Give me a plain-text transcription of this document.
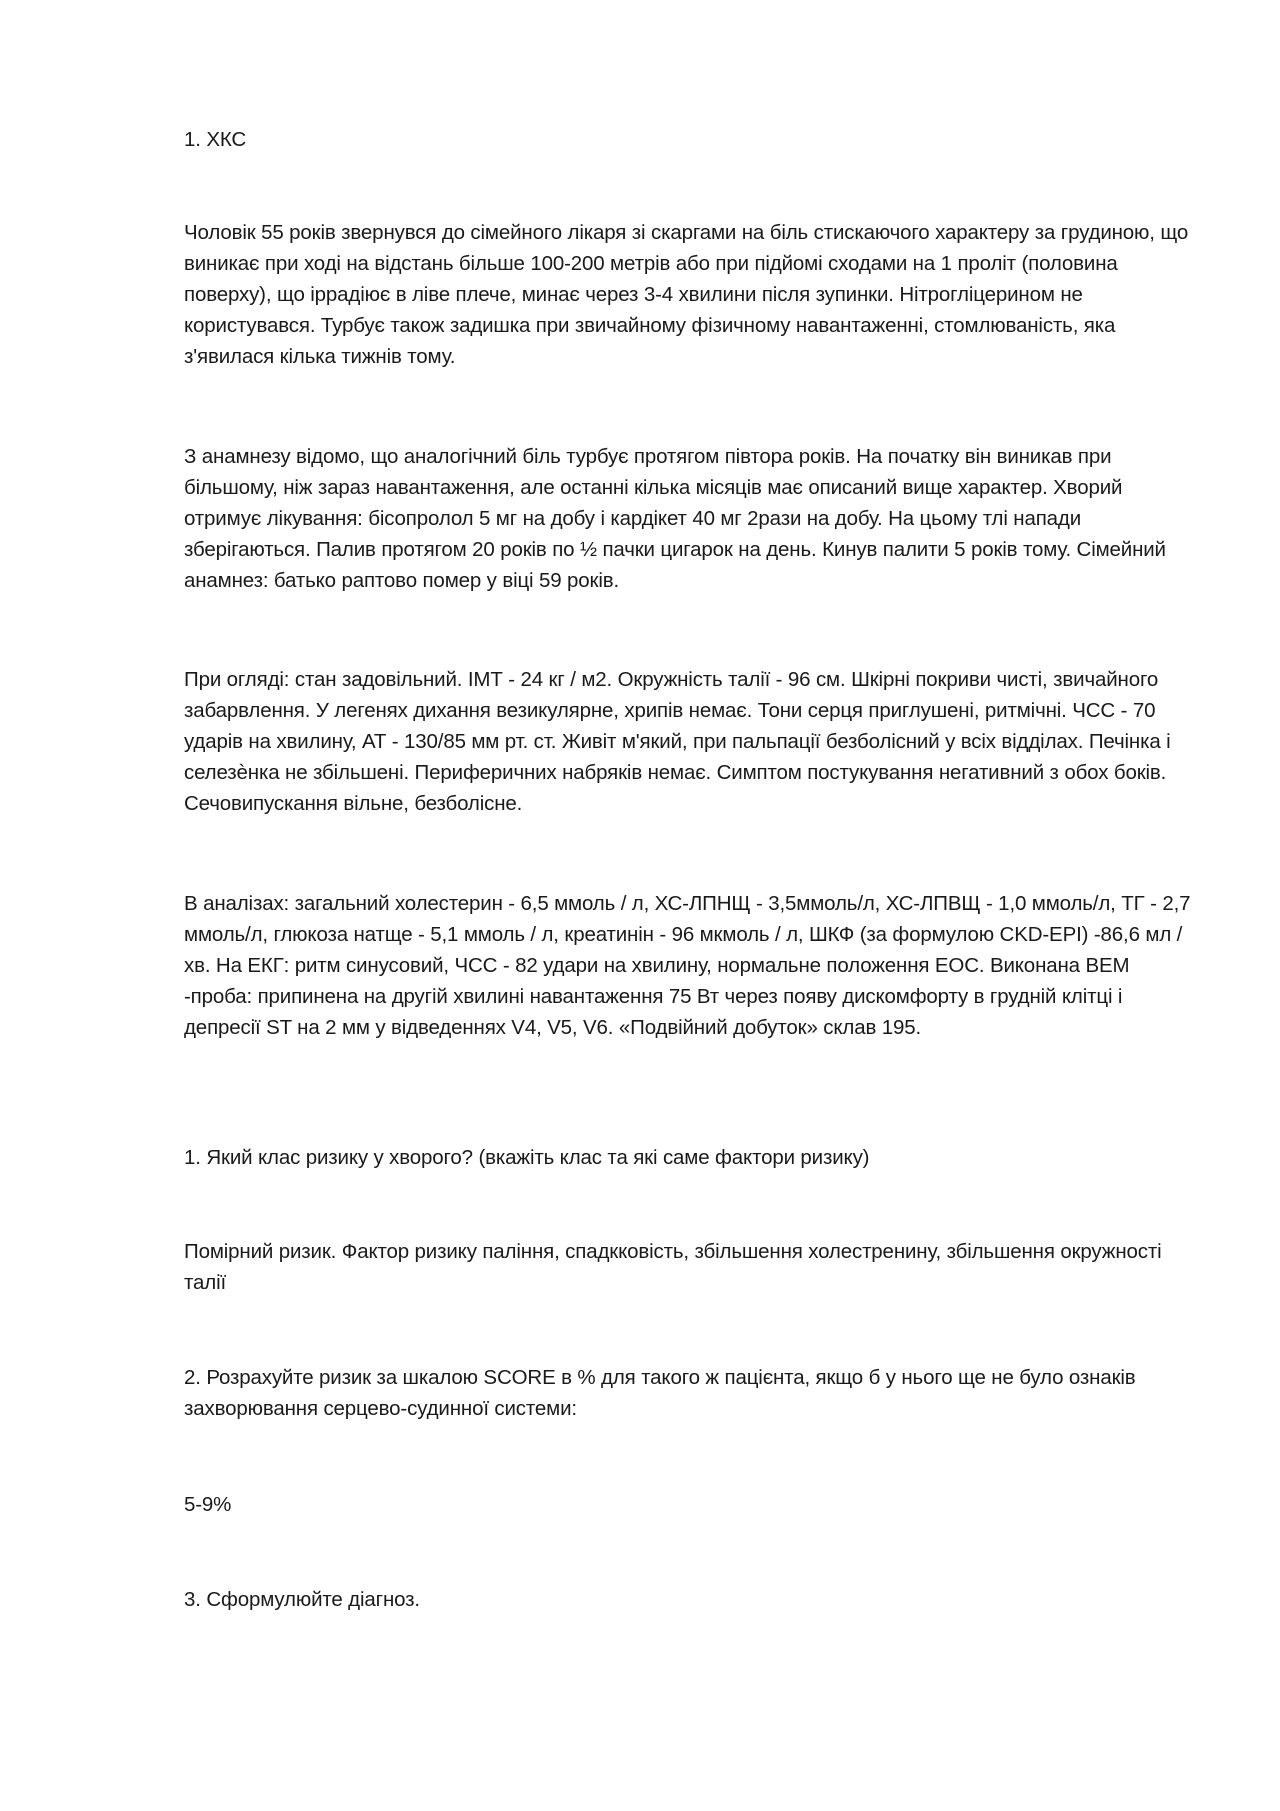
1. ХКС

Чоловік 55 років звернувся до сімейного лікаря зі скаргами на біль стискаючого характеру за грудиною, що виникає при ході на відстань більше 100-200 метрів або при підйомі сходами на 1 проліт (половина поверху), що іррадіює в ліве плече, минає через 3-4 хвилини після зупинки. Нітрогліцерином не користувався. Турбує також задишка при звичайному фізичному навантаженні, стомлюваність, яка з'явилася кілька тижнів тому.

З анамнезу відомо, що аналогічний біль турбує протягом півтора років. На початку він виникав при більшому, ніж зараз навантаження, але останні кілька місяців має описаний вище характер. Хворий отримує лікування: бісопролол 5 мг на добу і кардікет 40 мг 2рази на добу. На цьому тлі напади зберігаються. Палив протягом 20 років по ½ пачки цигарок на день. Кинув палити 5 років тому. Сімейний анамнез: батько раптово помер у віці 59 років.

При огляді: стан задовільний. ІМТ - 24 кг / м2. Окружність талії - 96 см. Шкірні покриви чисті, звичайного забарвлення. У легенях дихання везикулярне, хрипів немає. Тони серця приглушені, ритмічні. ЧСС - 70 ударів на хвилину, АТ - 130/85 мм рт. ст. Живіт м'який, при пальпації безболісний у всіх відділах. Печінка і селезѐнка не збільшені. Периферичних набряків немає. Симптом постукування негативний з обох боків. Сечовипускання вільне, безболісне.

В аналізах: загальний холестерин - 6,5 ммоль / л, ХС-ЛПНЩ - 3,5ммоль/л, ХС-ЛПВЩ - 1,0 ммоль/л, ТГ - 2,7 ммоль/л, глюкоза натще - 5,1 ммоль / л, креатинін - 96 мкмоль / л, ШКФ (за формулою CKD-EPI) -86,6 мл / хв. На ЕКГ: ритм синусовий, ЧСС - 82 удари на хвилину, нормальне положення ЕОС. Виконана ВЕМ -проба: припинена на другій хвилині навантаження 75 Вт через появу дискомфорту в грудній клітці і депресії ST на 2 мм у відведеннях V4, V5, V6. «Подвійний добуток» склав 195.

1. Який клас ризику у хворого? (вкажіть клас та які саме фактори ризику)

Помірний ризик. Фактор ризику паління, спадкковість, збільшення холестренину, збільшення окружності талії

2. Розрахуйте ризик за шкалою SCORE в % для такого ж пацієнта, якщо б у нього ще не було ознаків захворювання серцево-судинної системи:

5-9%

3. Сформулюйте діагноз.
